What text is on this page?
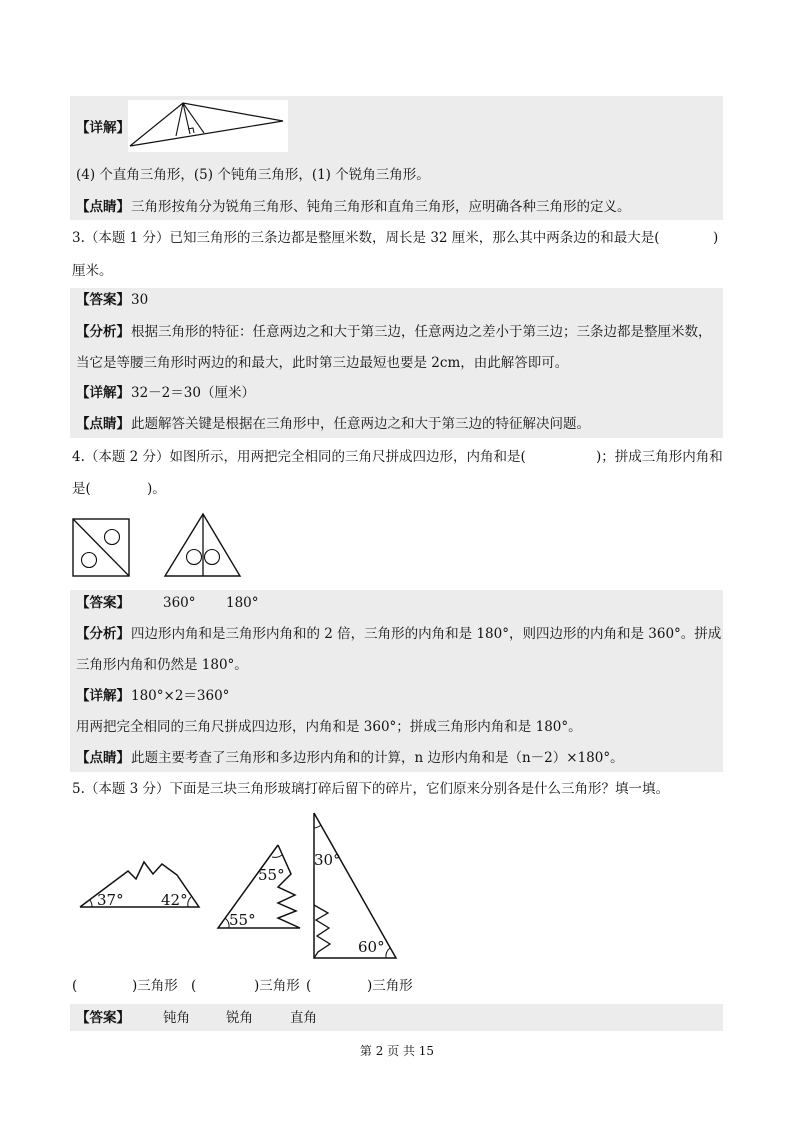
【详解】
(4) 个直角三角形，(5) 个钝角三角形，(1) 个锐角三角形。
【点睛】 三角形按角分为锐角三角形、钝角三角形和直角三角形，应明确各种三角形的定义。
3.（本题 1 分）已知三角形的三条边都是整厘米数，周长是 32 厘米，那么其中两条边的和最大是(	)
厘米。
【答案】 30
【分析】 根据三角形的特征：任意两边之和大于第三边，任意两边之差小于第三边；三条边都是整厘米数，
当它是等腰三角形时两边的和最大，此时第三边最短也要是 2cm，由此解答即可。
【详解】 32－2＝30（厘米）
【点睛】 此题解答关键是根据在三角形中，任意两边之和大于第三边的特征解决问题。
4.（本题 2 分）如图所示，用两把完全相同的三角尺拼成四边形，内角和是(	)；拼成三角形内角和
是(	)。
【答案】 360° 180°
【分析】 四边形内角和是三角形内角和的 2 倍，三角形的内角和是 180°，则四边形的内角和是 360°。拼成
三角形内角和仍然是 180°。
【详解】 180°×2＝360°
用两把完全相同的三角尺拼成四边形，内角和是 360°；拼成三角形内角和是 180°。
【点睛】 此题主要考查了三角形和多边形内角和的计算，n 边形内角和是（n－2）×180°。
5.（本题 3 分）下面是三块三角形玻璃打碎后留下的碎片，它们原来分别各是什么三角形？填一填。
37° 42°
55°
55°
30°
60°
(	)三角形 (	)三角形 (	)三角形
【答案】 钝角	锐角	直角
第 2 页 共 15
